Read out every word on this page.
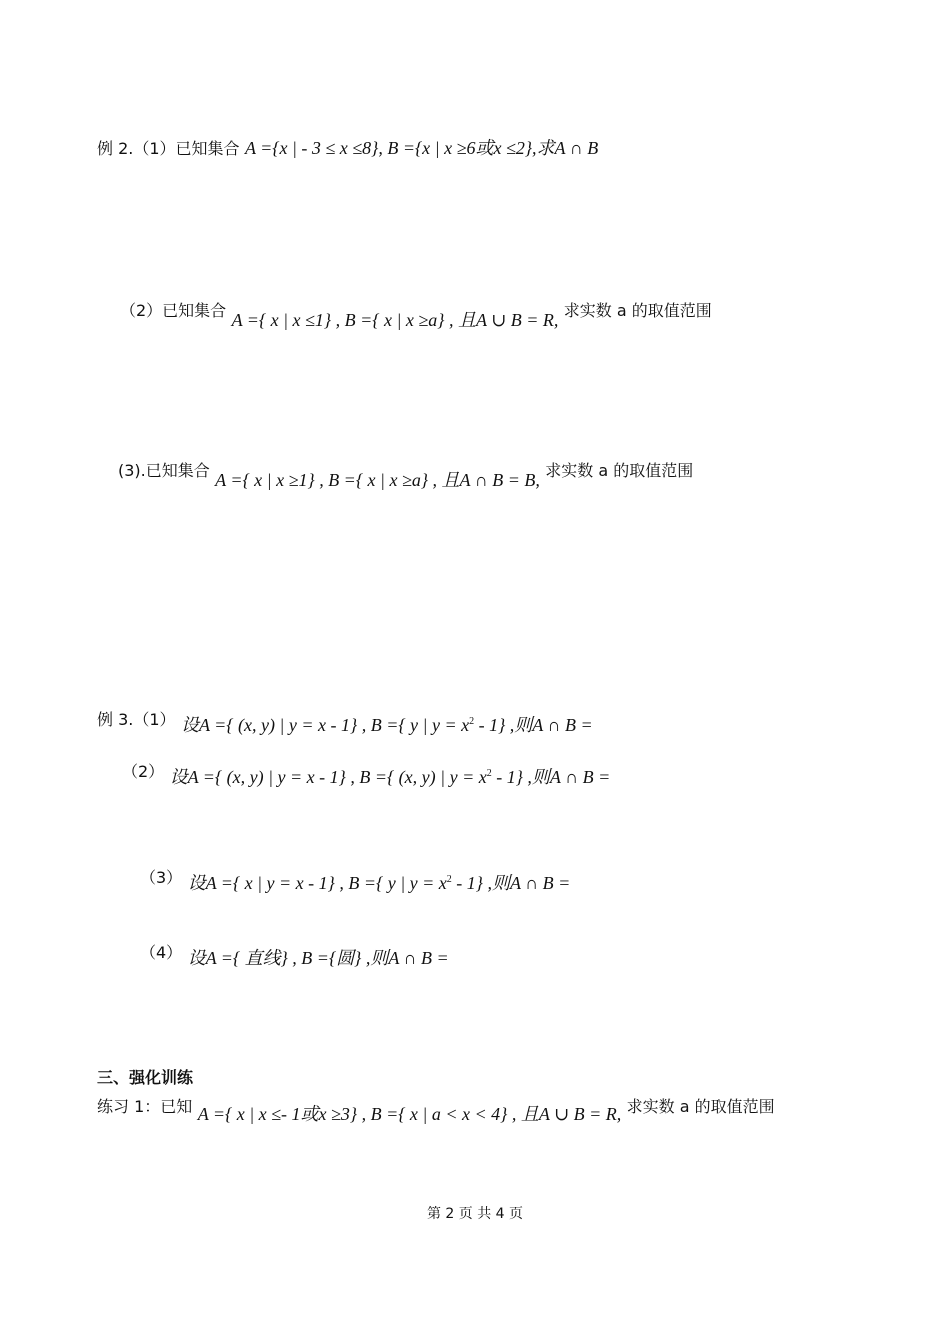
例 2.（1）已知集合 A ={x | - 3 ≤ x ≤8}, B ={x | x ≥6或x ≤2},求A ∩ B
（2）已知集合 A ={ x | x ≤1} , B ={ x | x ≥a} , 且A ∪ B = R, 求实数 a 的取值范围
(3).已知集合 A ={ x | x ≥1} , B ={ x | x ≥a} , 且A ∩ B = B, 求实数 a 的取值范围
例 3.（1） 设A ={ (x, y) | y = x - 1} , B ={ y | $y = x^2 - 1$} ,则A ∩ B =
（2） 设A ={ (x, y) | y = x - 1} , B ={ (x, y) | $y = x^2 - 1$} ,则A ∩ B =
（3） 设A ={ x | y = x - 1} , B ={ y | $y = x^2 - 1$} ,则A ∩ B =
（4） 设A ={ 直线} , B ={圆} ,则A ∩ B =
三、强化训练
练习 1：已知 A ={ x | x ≤- 1或x ≥3} , B ={ x | a < x < 4} , 且A ∪ B = R, 求实数 a 的取值范围
第 2 页 共 4 页
